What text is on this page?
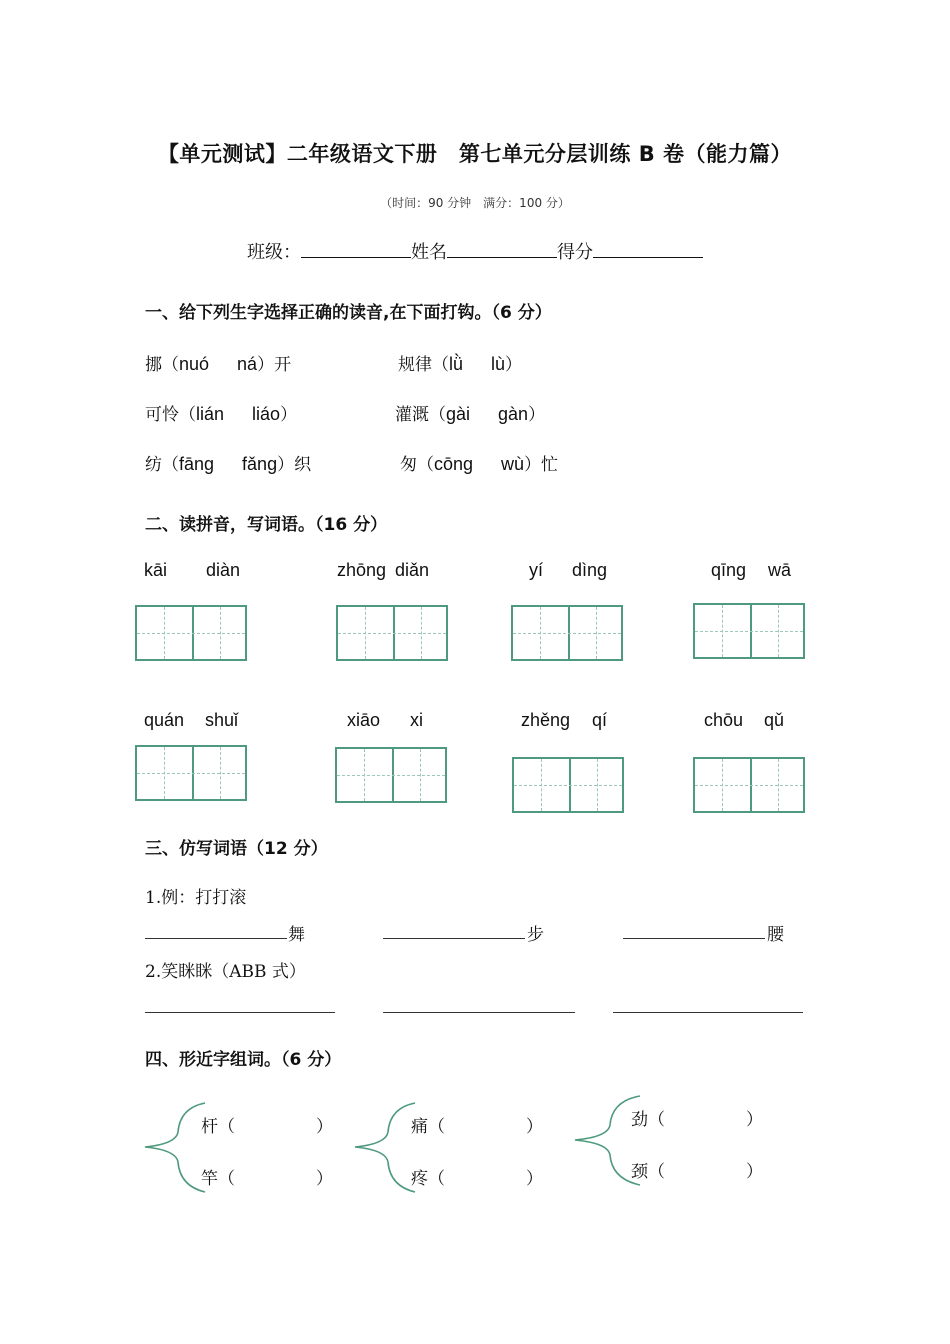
【单元测试】二年级语文下册　第七单元分层训练 B 卷（能力篇）
（时间：90 分钟　满分：100 分）
班级：	姓名	得分
一、给下列生字选择正确的读音,在下面打钩。（6 分）
挪（nuó ná）开	规律（lǜ lù）
可怜（lián liáo）	灌溉（gài gàn）
纺（fāng fǎng）织	匆（cōng wù）忙
二、读拼音，写词语。（16 分）
kāi diàn	zhōng diǎn	yí dìng	qīng wā
quán shuǐ	xiāo xi	zhěng qí	chōu qǔ
三、仿写词语（12 分）
1.例：打打滚
舞	步	腰
2.笑眯眯（ABB 式）
四、形近字组词。（6 分）
杆（	）
竿（	）
痛（	）
疼（	）
劲（	）
颈（	）
